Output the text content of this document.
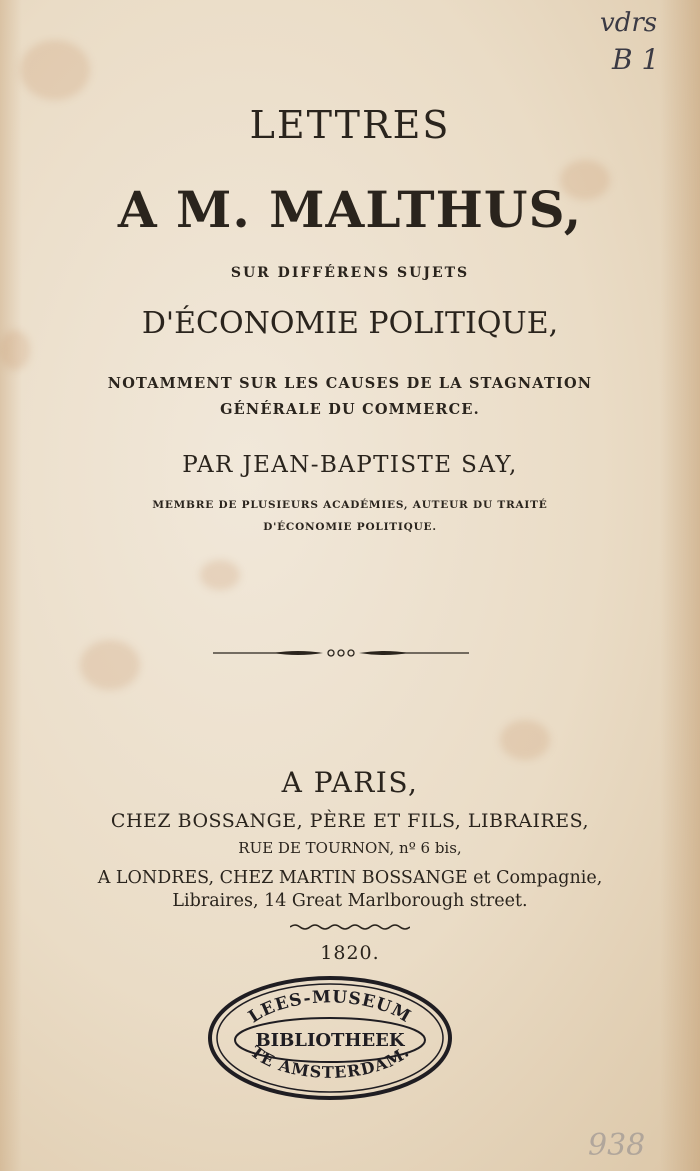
vdrs
B 1
LETTRES
A M. MALTHUS,
SUR DIFFÉRENS SUJETS
D'ÉCONOMIE POLITIQUE,
NOTAMMENT SUR LES CAUSES DE LA STAGNATION
GÉNÉRALE DU COMMERCE.
PAR JEAN-BAPTISTE SAY,
MEMBRE DE PLUSIEURS ACADÉMIES, AUTEUR DU TRAITÉ
D'ÉCONOMIE POLITIQUE.
A PARIS,
CHEZ BOSSANGE, PÈRE ET FILS, LIBRAIRES,
RUE DE TOURNON, nº 6 bis,
A LONDRES, CHEZ MARTIN BOSSANGE et Compagnie,
Libraires, 14 Great Marlborough street.
1820.
LEES-MUSEUM
BIBLIOTHEEK
TE AMSTERDAM.
938
